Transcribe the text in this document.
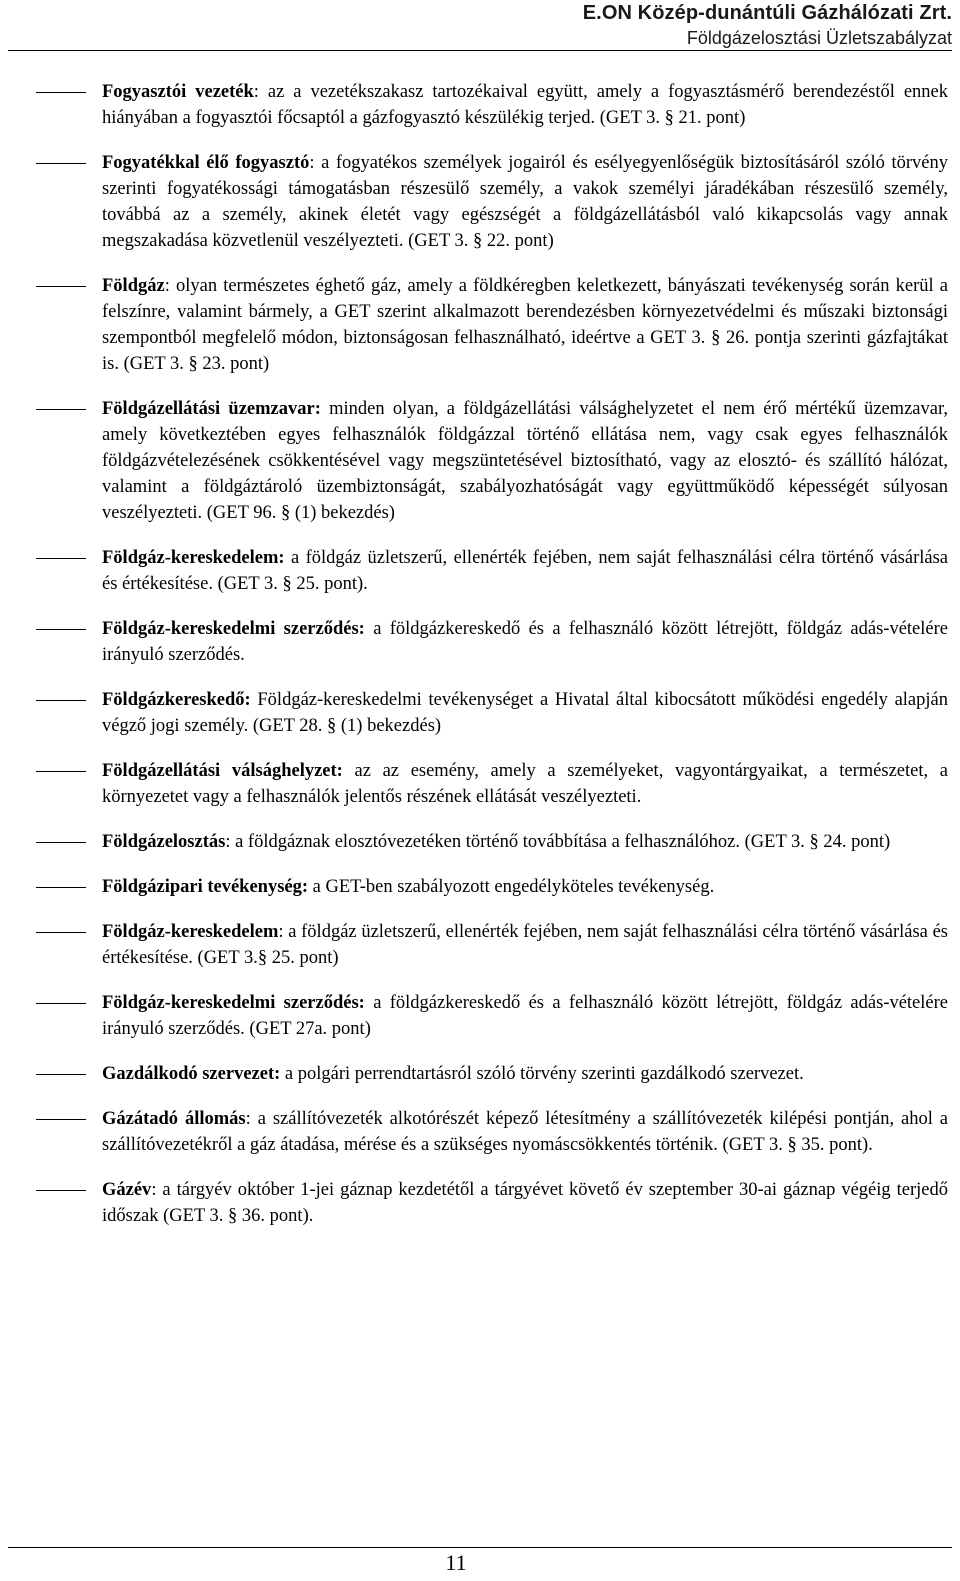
E.ON Közép-dunántúli Gázhálózati Zrt.
Földgázelosztási Üzletszabályzat
Fogyasztói vezeték: az a vezetékszakasz tartozékaival együtt, amely a fogyasztásmérő berendezéstől ennek hiányában a fogyasztói főcsaptól a gázfogyasztó készülékig terjed. (GET 3. § 21. pont)
Fogyatékkal élő fogyasztó: a fogyatékos személyek jogairól és esélyegyenlőségük biztosításáról szóló törvény szerinti fogyatékossági támogatásban részesülő személy, a vakok személyi járadékában részesülő személy, továbbá az a személy, akinek életét vagy egészségét a földgázellátásból való kikapcsolás vagy annak megszakadása közvetlenül veszélyezteti. (GET 3. § 22. pont)
Földgáz: olyan természetes éghető gáz, amely a földkéregben keletkezett, bányászati tevékenység során kerül a felszínre, valamint bármely, a GET szerint alkalmazott berendezésben környezetvédelmi és műszaki biztonsági szempontból megfelelő módon, biztonságosan felhasználható, ideértve a GET 3. § 26. pontja szerinti gázfajtákat is. (GET 3. § 23. pont)
Földgázellátási üzemzavar: minden olyan, a földgázellátási válsághelyzetet el nem érő mértékű üzemzavar, amely következtében egyes felhasználók földgázzal történő ellátása nem, vagy csak egyes felhasználók földgázvételezésének csökkentésével vagy megszüntetésével biztosítható, vagy az elosztó- és szállító hálózat, valamint a földgáztároló üzembiztonságát, szabályozhatóságát vagy együttműködő képességét súlyosan veszélyezteti. (GET 96. § (1) bekezdés)
Földgáz-kereskedelem: a földgáz üzletszerű, ellenérték fejében, nem saját felhasználási célra történő vásárlása és értékesítése. (GET 3. § 25. pont).
Földgáz-kereskedelmi szerződés: a földgázkereskedő és a felhasználó között létrejött, földgáz adás-vételére irányuló szerződés.
Földgázkereskedő: Földgáz-kereskedelmi tevékenységet a Hivatal által kibocsátott működési engedély alapján végző jogi személy. (GET 28. § (1) bekezdés)
Földgázellátási válsághelyzet: az az esemény, amely a személyeket, vagyontárgyaikat, a természetet, a környezetet vagy a felhasználók jelentős részének ellátását veszélyezteti.
Földgázelosztás: a földgáznak elosztóvezetéken történő továbbítása a felhasználóhoz. (GET 3. § 24. pont)
Földgázipari tevékenység: a GET-ben szabályozott engedélyköteles tevékenység.
Földgáz-kereskedelem: a földgáz üzletszerű, ellenérték fejében, nem saját felhasználási célra történő vásárlása és értékesítése. (GET 3.§ 25. pont)
Földgáz-kereskedelmi szerződés: a földgázkereskedő és a felhasználó között létrejött, földgáz adás-vételére irányuló szerződés. (GET 27a. pont)
Gazdálkodó szervezet: a polgári perrendtartásról szóló törvény szerinti gazdálkodó szervezet.
Gázátadó állomás: a szállítóvezeték alkotórészét képező létesítmény a szállítóvezeték kilépési pontján, ahol a szállítóvezetékről a gáz átadása, mérése és a szükséges nyomáscsökkentés történik. (GET 3. § 35. pont).
Gázév: a tárgyév október 1-jei gáznap kezdetétől a tárgyévet követő év szeptember 30-ai gáznap végéig terjedő időszak (GET 3. § 36. pont).
11
